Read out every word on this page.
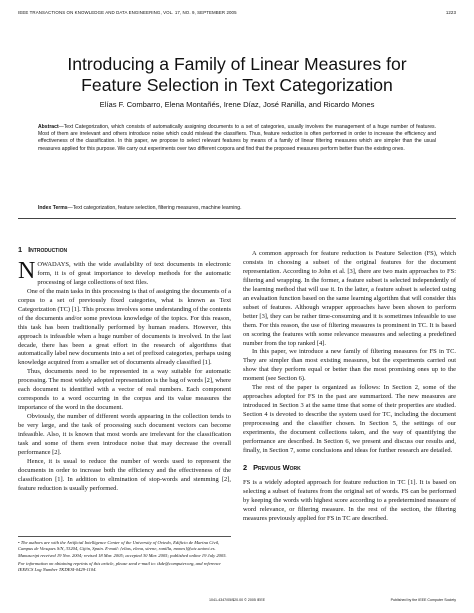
IEEE TRANSACTIONS ON KNOWLEDGE AND DATA ENGINEERING, VOL. 17, NO. 9, SEPTEMBER 2005	1223
Introducing a Family of Linear Measures for
Feature Selection in Text Categorization
Elías F. Combarro, Elena Montañés, Irene Díaz, José Ranilla, and Ricardo Mones
Abstract—Text Categorization, which consists of automatically assigning documents to a set of categories, usually involves the management of a huge number of features. Most of them are irrelevant and others introduce noise which could mislead the classifiers. Thus, feature reduction is often performed in order to increase the efficiency and effectiveness of the classification. In this paper, we propose to select relevant features by means of a family of linear filtering measures which are simpler than the usual measures applied for this purpose. We carry out experiments over two different corpora and find that the proposed measures perform better than the existing ones.
Index Terms—Text categorization, feature selection, filtering measures, machine learning.
1 Introduction

NOWADAYS, with the wide availability of text documents in electronic form, it is of great importance to develop methods for the automatic processing of large collections of text files.

One of the main tasks in this processing is that of assigning the documents of a corpus to a set of previously fixed categories, what is known as Text Categorization (TC) [1]. This process involves some understanding of the contents of the documents and/or some previous knowledge of the topics. For this reason, this task has been traditionally performed by human readers. However, this approach is infeasible when a huge number of documents is involved. In the last decade, there has been a great effort in the research of algorithms that automatically label new documents into a set of prefixed categories, perhaps using knowledge acquired from a smaller set of documents already classified [1].

Thus, documents need to be represented in a way suitable for automatic processing. The most widely adopted representation is the bag of words [2], where each document is identified with a vector of real numbers. Each component corresponds to a word occurring in the corpus and its value measures the importance of the word in the document.

Obviously, the number of different words appearing in the collection tends to be very large, and the task of processing such document vectors can become infeasible. Also, it is known that most words are irrelevant for the classification task and some of them even introduce noise that may decrease the overall performance [2].

Hence, it is usual to reduce the number of words used to represent the documents in order to increase both the efficiency and the effectiveness of the classification [1]. In addition to elimination of stop-words and stemming [2], feature reduction is usually performed.

A common approach for feature reduction is Feature Selection (FS), which consists in choosing a subset of the original features for the document representation. According to John et al. [3], there are two main approaches to FS: filtering and wrapping. In the former, a feature subset is selected independently of the learning method that will use it. In the latter, a feature subset is selected using an evaluation function based on the same learning algorithm that will consider this subset of features. Although wrapper approaches have been shown to perform better [3], they can be rather time-consuming and it is sometimes infeasible to use them. For this reason, the use of filtering measures is prominent in TC. It is based on scoring the features with some relevance measures and selecting a predefined number from the top ranked [4].

In this paper, we introduce a new family of filtering measures for FS in TC. They are simpler than most existing measures, but the experiments carried out show that they perform equal or better than the most promising ones up to the moment (see Section 6).

The rest of the paper is organized as follows: In Section 2, some of the approaches adopted for FS in the past are summarized. The new measures are introduced in Section 3 at the same time that some of their properties are studied. Section 4 is devoted to describe the system used for TC, including the document preprocessing and the classifier chosen. In Section 5, the settings of our experiments, the document collections taken, and the way of quantifying the performance are described. In Section 6, we present and discuss our results and, finally, in Section 7, some conclusions and ideas for further research are detailed.

2 Previous Work

FS is a widely adopted approach for feature reduction in TC [1]. It is based on selecting a subset of features from the original set of words. FS can be performed by keeping the words with highest score according to a predetermined measure of word relevance, or filtering measure. In the rest of the section, the filtering measures previously applied for FS in TC are described.

• The authors are with the Artificial Intelligence Center of the University of Oviedo, Edificio de Marina Civil, Campus de Viesques S/N, 33204, Gijón, Spain. E-mail: {elias, elena, sirene, ranilla, mones}@aic.uniovi.es.

Manuscript received 19 Nov. 2004; revised 18 Mar. 2005; accepted 30 Mar. 2005; published online 19 July 2005.

For information on obtaining reprints of this article, please send e-mail to: tkde@computer.org, and reference IEEECS Log Number TKDESI-0429-1104.

1041-4347/05/$20.00 © 2005 IEEE	Published by the IEEE Computer Society
